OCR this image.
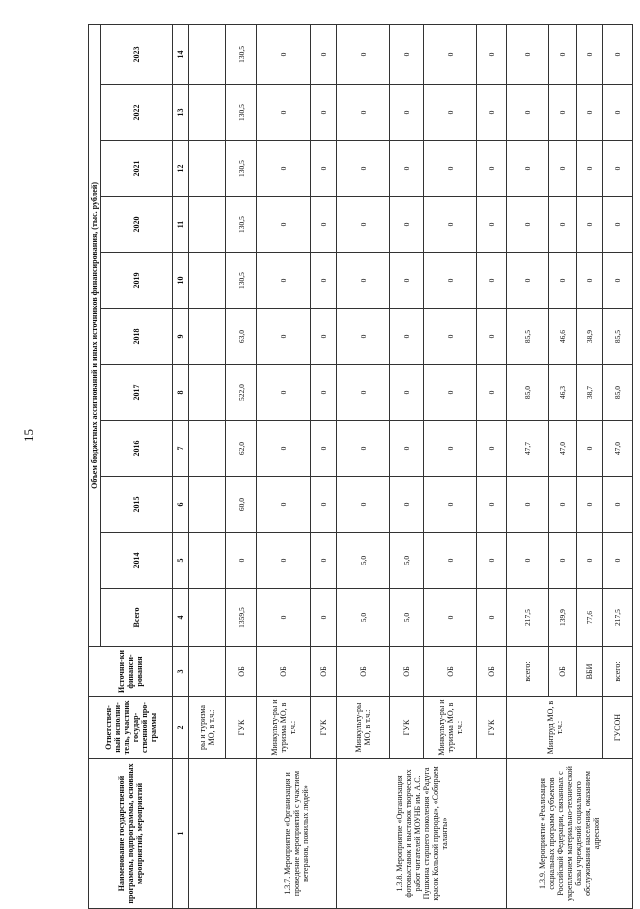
15
Наименование государственной программы, подпрограммы, основных мероприятий, мероприятий	Ответствен-ный исполни-тель, участник государ-ственной про-граммы	Источни-ки финанси-рования	Объем бюджетных ассигнований и иных источников финансирования, (тыс. рублей)										
			Всего	2014	2015	2016	2017	2018	2019	2020	2021	2022	2023
1	2	3	4	5	6	7	8	9	10	11	12	13	14
	ры и туризма МО, в т.ч.:												
	ГУК	ОБ	1359,5	0	60,0	62,0	522,0	63,0	130,5	130,5	130,5	130,5	130,5
1.3.7. Мероприятие «Организация и проведение мероприятий с участием ветеранов, пожилых людей»	Минкульту-ры и туризма МО, в т.ч.:	ОБ	0	0	0	0	0	0	0	0	0	0	0
	ГУК	ОБ	0	0	0	0	0	0	0	0	0	0	0
1.3.8. Мероприятие «Организация фотовыставок и выставок творческих работ читателей МОУНБ им. А.С. Пушкина старшего поколения «Радуга красок Кольской природы», «Собираем таланты»	Минкульту-ры МО, в т.ч.:	ОБ	5,0	5,0	0	0	0	0	0	0	0	0	0
	ГУК	ОБ	5,0	5,0	0	0	0	0	0	0	0	0	0
	Минкульту-ры и туризма МО, в т.ч.:	ОБ	0	0	0	0	0	0	0	0	0	0	0
	ГУК	ОБ	0	0	0	0	0	0	0	0	0	0	0
1.3.9. Мероприятие «Реализация социальных программ субъектов Российской Федерации, связанных с укреплением материально-технической базы учреждений социального обслуживания населения, оказанием адресной	Минтруд МО, в т.ч.:	всего:	217,5	0	0	47,7	85,0	85,5	0	0	0	0	0
		ОБ	139,9	0	0	47,0	46,3	46,6	0	0	0	0	0
		ВБИ	77,6	0	0	0	38,7	38,9	0	0	0	0	0
	ГУСОН	всего:	217,5	0	0	47,0	85,0	85,5	0	0	0	0	0
